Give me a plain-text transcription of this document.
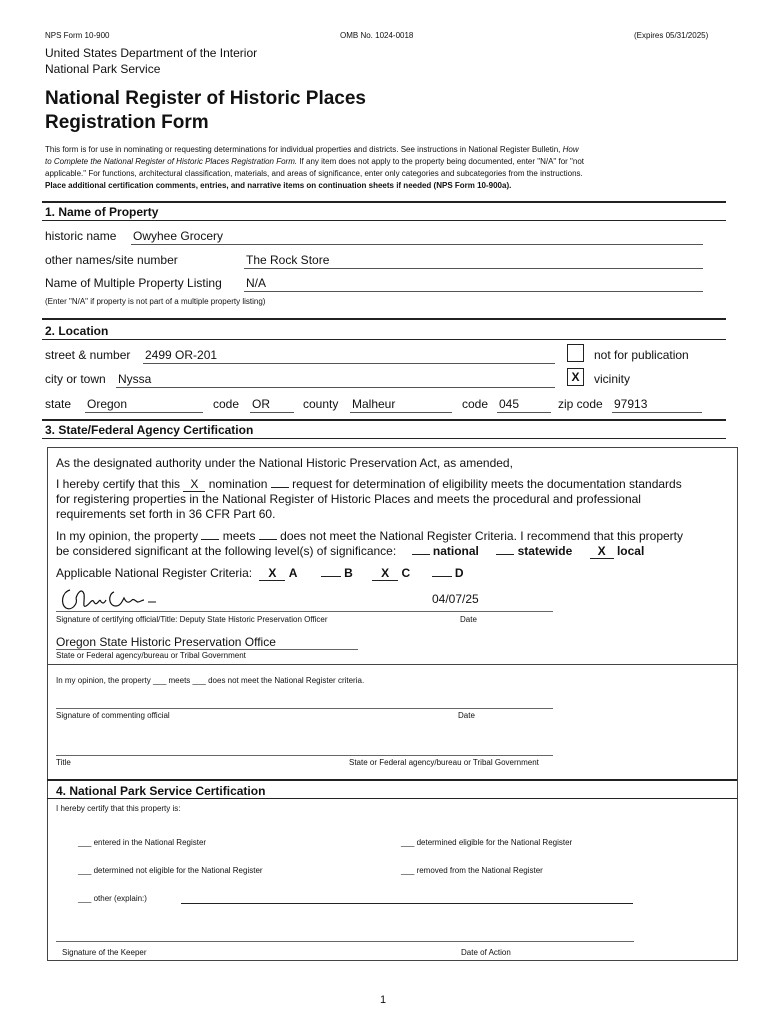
NPS Form 10-900	OMB No. 1024-0018	(Expires 05/31/2025)
United States Department of the Interior
National Park Service
National Register of Historic Places
Registration Form
This form is for use in nominating or requesting determinations for individual properties and districts. See instructions in National Register Bulletin, How
to Complete the National Register of Historic Places Registration Form. If any item does not apply to the property being documented, enter "N/A" for "not
applicable." For functions, architectural classification, materials, and areas of significance, enter only categories and subcategories from the instructions.
Place additional certification comments, entries, and narrative items on continuation sheets if needed (NPS Form 10-900a).
1. Name of Property
historic name Owyhee Grocery
other names/site number	The Rock Store
Name of Multiple Property Listing N/A
(Enter "N/A" if property is not part of a multiple property listing)
2. Location
street & number 2499 OR-201	not for publication
city or town Nyssa	X	vicinity
state Oregon	code OR	county Malheur	code 045	zip code 97913
3. State/Federal Agency Certification
As the designated authority under the National Historic Preservation Act, as amended,
I hereby certify that this X nomination request for determination of eligibility meets the documentation standards
for registering properties in the National Register of Historic Places and meets the procedural and professional
requirements set forth in 36 CFR Part 60.
In my opinion, the property meets does not meet the National Register Criteria. I recommend that this property
be considered significant at the following level(s) of significance:	national	statewide X local
Applicable National Register Criteria: X A	B X C	D
04/07/25
Signature of certifying official/Title: Deputy State Historic Preservation Officer	Date
Oregon State Historic Preservation Office
State or Federal agency/bureau or Tribal Government
In my opinion, the property ___ meets ___ does not meet the National Register criteria.
Signature of commenting official	Date
Title	State or Federal agency/bureau or Tribal Government
4. National Park Service Certification
I hereby certify that this property is:
___ entered in the National Register	___ determined eligible for the National Register
___ determined not eligible for the National Register	___ removed from the National Register
___ other (explain:)
Signature of the Keeper	Date of Action
1
